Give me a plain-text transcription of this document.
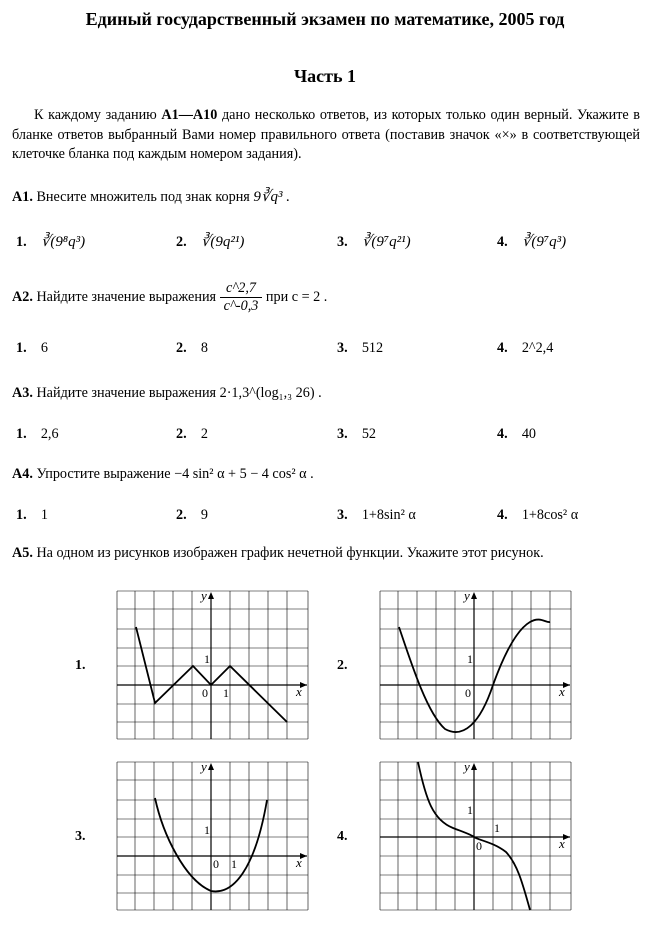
Единый государственный экзамен по математике, 2005 год
Часть 1
К каждому заданию А1—А10 дано несколько ответов, из которых только один верный. Укажите в бланке ответов выбранный Вами номер правильного ответа (поставив значок «×» в соответствующей клеточке бланка под каждым номером задания).
А1. Внесите множитель под знак корня 9∛q³ .
1. ∛(9⁸q³)	2. ∛(9q²¹)	3. ∛(9⁷q²¹)	4. ∛(9⁷q³)
А2. Найдите значение выражения $\frac{c\^{}2,7}{c\^{}-0,3}$ при c = 2 .
1. 6	2. 8	3. 512	4. 2^2,4
А3. Найдите значение выражения 2·1,3^(log₁,₃ 26) .
1. 2,6	2. 2	3. 52	4. 40
А4. Упростите выражение −4 sin² α + 5 − 4 cos² α .
1. 1	2. 9	3. 1+8sin² α	4. 1+8cos² α
А5. На одном из рисунков изображен график нечетной функции. Укажите этот рисунок.
1.	2.
3.	4.
y
x
0
1
1
y
x
0
1
y
x
0
1
1
y
x
0
1
1
